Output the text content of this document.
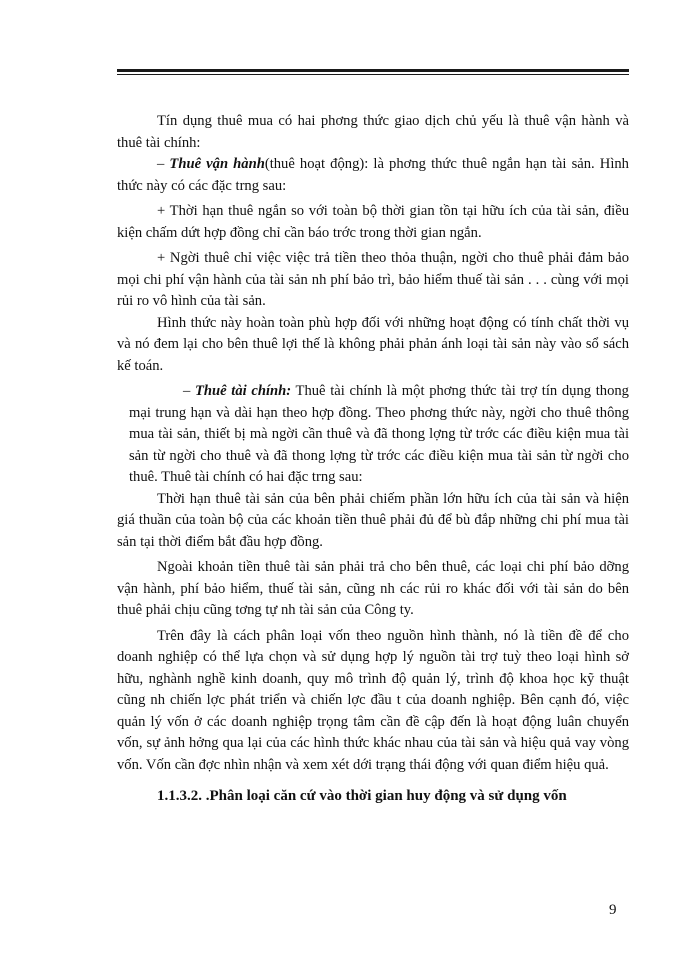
Tín dụng thuê mua có hai phơng thức giao dịch chủ yếu là thuê vận hành và thuê tài chính:

– Thuê vận hành(thuê hoạt động): là phơng thức thuê ngắn hạn tài sản. Hình thức này có các đặc trng sau:

+ Thời hạn thuê ngắn so với toàn bộ thời gian tồn tại hữu ích của tài sản, điều kiện chấm dứt hợp đồng chỉ cần báo trớc trong thời gian ngắn.

+ Ngời thuê chỉ việc việc trả tiền theo thỏa thuận, ngời cho thuê phải đảm bảo mọi chi phí vận hành của tài sản nh phí bảo trì, bảo hiểm thuế tài sản . . . cùng với mọi rủi ro vô hình của tài sản.

Hình thức này hoàn toàn phù hợp đối với những hoạt động có tính chất thời vụ và nó đem lại cho bên thuê lợi thế là không phải phản ánh loại tài sản này vào sổ sách kế toán.

– Thuê tài chính: Thuê tài chính là một phơng thức tài trợ tín dụng thong mại trung hạn và dài hạn theo hợp đồng. Theo phơng thức này, ngời cho thuê thông mua tài sản, thiết bị mà ngời cần thuê và đã thong lợng từ trớc các điều kiện mua tài sản từ ngời cho thuê và đã thong lợng từ trớc các điều kiện mua tài sản từ ngời cho thuê. Thuê tài chính có hai đặc trng sau:

Thời hạn thuê tài sản của bên phải chiếm phần lớn hữu ích của tài sản và hiện giá thuần của toàn bộ của các khoản tiền thuê phải đủ để bù đắp những chi phí mua tài sản tại thời điểm bắt đầu hợp đồng.

Ngoài khoản tiền thuê tài sản phải trả cho bên thuê, các loại chi phí bảo dỡng vận hành, phí bảo hiểm, thuế tài sản, cũng nh các rủi ro khác đối với tài sản do bên thuê phải chịu cũng tơng tự nh tài sản của Công ty.

Trên đây là cách phân loại vốn theo nguồn hình thành, nó là tiền đề để cho doanh nghiệp có thể lựa chọn và sử dụng hợp lý nguồn tài trợ tuỳ theo loại hình sở hữu, nghành nghề kinh doanh, quy mô trình độ quản lý, trình độ khoa học kỹ thuật cũng nh chiến lợc phát triển và chiến lợc đầu t của doanh nghiệp. Bên cạnh đó, việc quản lý vốn ở các doanh nghiệp trọng tâm cần đề cập đến là hoạt động luân chuyển vốn, sự ảnh hởng qua lại của các hình thức khác nhau của tài sản và hiệu quả vay vòng vốn. Vốn cần đợc nhìn nhận và xem xét dới trạng thái động với quan điểm hiệu quả.

1.1.3.2. .Phân loại căn cứ vào thời gian huy động và sử dụng vốn

9
